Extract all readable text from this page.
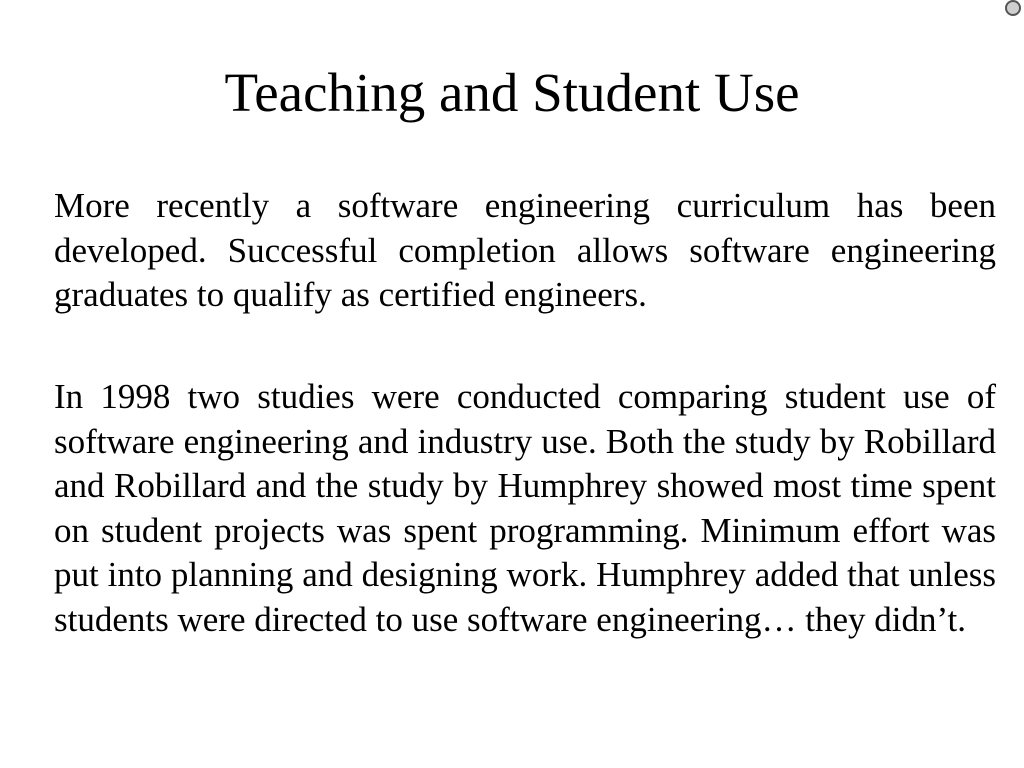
Teaching and Student Use

More recently a software engineering curriculum has been developed. Successful completion allows software engineering graduates to qualify as certified engineers.

In 1998 two studies were conducted comparing student use of software engineering and industry use. Both the study by Robillard and Robillard and the study by Humphrey showed most time spent on student projects was spent programming. Minimum effort was put into planning and designing work. Humphrey added that unless students were directed to use software engineering… they didn’t.
